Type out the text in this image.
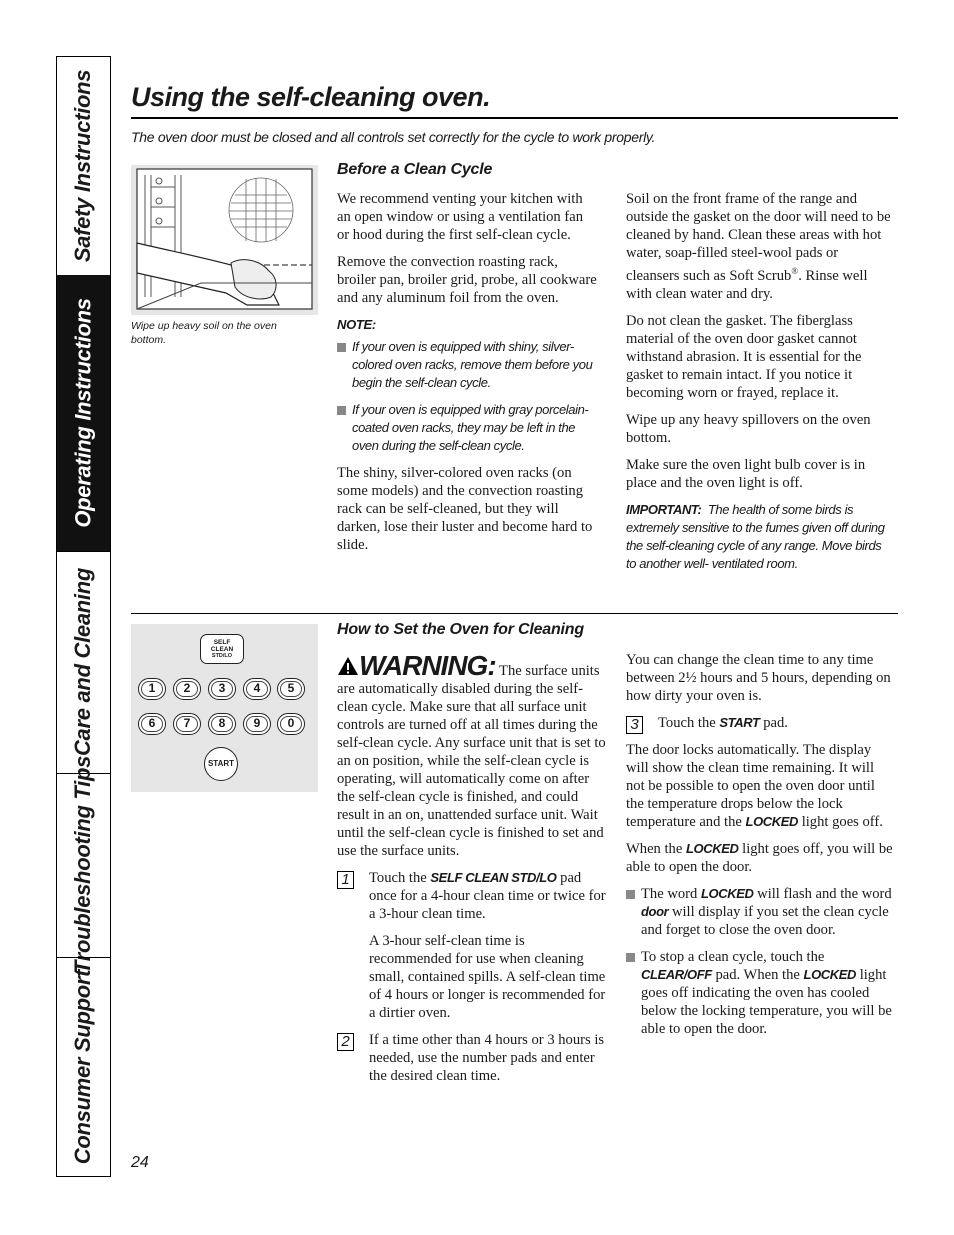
Safety Instructions
Operating Instructions
Care and Cleaning
Troubleshooting Tips
Consumer Support
Using the self-cleaning oven.
The oven door must be closed and all controls set correctly for the cycle to work properly.
Wipe up heavy soil on the oven bottom.
Before a Clean Cycle

We recommend venting your kitchen with an open window or using a ventilation fan or hood during the first self-clean cycle.

Remove the convection roasting rack, broiler pan, broiler grid, probe, all cookware and any aluminum foil from the oven.

NOTE:
If your oven is equipped with shiny, silver-colored oven racks, remove them before you begin the self-clean cycle.
If your oven is equipped with gray porcelain-coated oven racks, they may be left in the oven during the self-clean cycle.

The shiny, silver-colored oven racks (on some models) and the convection roasting rack can be self-cleaned, but they will darken, lose their luster and become hard to slide.

Soil on the front frame of the range and outside the gasket on the door will need to be cleaned by hand. Clean these areas with hot water, soap-filled steel-wool pads or cleansers such as Soft Scrub®. Rinse well with clean water and dry.

Do not clean the gasket. The fiberglass material of the oven door gasket cannot withstand abrasion. It is essential for the gasket to remain intact. If you notice it becoming worn or frayed, replace it.

Wipe up any heavy spillovers on the oven bottom.

Make sure the oven light bulb cover is in place and the oven light is off.

IMPORTANT: The health of some birds is extremely sensitive to the fumes given off during the self-cleaning cycle of any range. Move birds to another well- ventilated room.

SELF
CLEAN
STD/LO
1	2	3	4	5
6	7	8	9	0
START
How to Set the Oven for Cleaning

WARNING: The surface units are automatically disabled during the self-clean cycle. Make sure that all surface unit controls are turned off at all times during the self-clean cycle. Any surface unit that is set to an on position, while the self-clean cycle is operating, will automatically come on after the self-clean cycle is finished, and could result in an on, unattended surface unit. Wait until the self-clean cycle is finished to set and use the surface units.

1 Touch the SELF CLEAN STD/LO pad once for a 4-hour clean time or twice for a 3-hour clean time.
A 3-hour self-clean time is recommended for use when cleaning small, contained spills. A self-clean time of 4 hours or longer is recommended for a dirtier oven.
2 If a time other than 4 hours or 3 hours is needed, use the number pads and enter the desired clean time.

You can change the clean time to any time between 2½ hours and 5 hours, depending on how dirty your oven is.

3 Touch the START pad.

The door locks automatically. The display will show the clean time remaining. It will not be possible to open the oven door until the temperature drops below the lock temperature and the LOCKED light goes off.

When the LOCKED light goes off, you will be able to open the door.

The word LOCKED will flash and the word door will display if you set the clean cycle and forget to close the oven door.
To stop a clean cycle, touch the CLEAR/OFF pad. When the LOCKED light goes off indicating the oven has cooled below the locking temperature, you will be able to open the door.
24
